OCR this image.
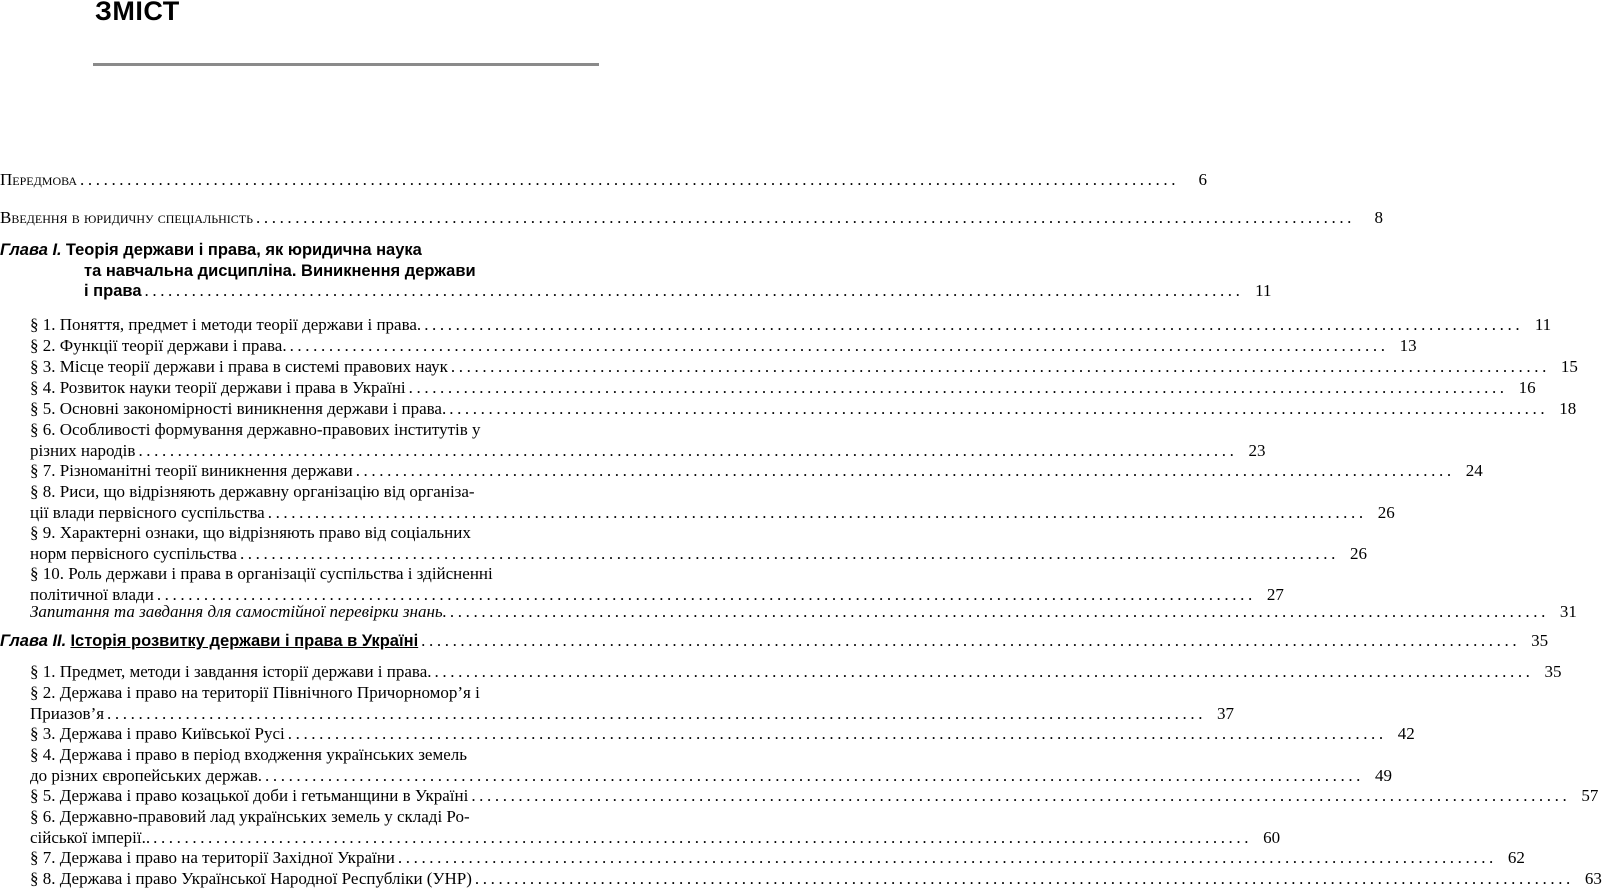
ЗМІСТ
Передмова ............................................................................................................................................	6
Введення в юридичну спеціальність ............................................................................................................................................	8
Глава I.
Теорія держави і права, як юридична наука
та навчальна дисципліна. Виникнення держави
і права ............................................................................................................................................ 11
§ 1. Поняття, предмет і методи теорії держави і права. ............................................................................................................................................ 11
§ 2. Функції теорії держави і права. ............................................................................................................................................ 13
§ 3. Місце теорії держави і права в системі правових наук ............................................................................................................................................ 15
§ 4. Розвиток науки теорії держави і права в Україні ............................................................................................................................................ 16
§ 5. Основні закономірності виникнення держави і права. ............................................................................................................................................ 18
§ 6. Особливості формування державно-правових інститутів у
різних народів ............................................................................................................................................ 23
§ 7. Різноманітні теорії виникнення держави ............................................................................................................................................ 24
§ 8. Риси, що відрізняють державну організацію від організа-
ції влади первісного суспільства ............................................................................................................................................ 26
§ 9. Характерні ознаки, що відрізняють право від соціальних
норм первісного суспільства ............................................................................................................................................ 26
§ 10. Роль держави і права в організації суспільства і здійсненні
політичної влади ............................................................................................................................................ 27
Запитання та завдання для самостійної перевірки знань. ............................................................................................................................................ 31
Глава II.
Історія розвитку держави і права в Україні ............................................................................................................................................ 35
§ 1. Предмет, методи і завдання історії держави і права. ............................................................................................................................................ 35
§ 2. Держава і право на території Північного Причорномор’я і
Приазов’я ............................................................................................................................................ 37
§ 3. Держава і право Київської Русі ............................................................................................................................................ 42
§ 4. Держава і право в період входження українських земель
до різних європейських держав. ............................................................................................................................................ 49
§ 5. Держава і право козацької доби і гетьманщини в Україні ............................................................................................................................................ 57
§ 6. Державно-правовий лад українських земель у складі Ро-
сійської імперії.. ............................................................................................................................................ 60
§ 7. Держава і право на території Західної України ............................................................................................................................................ 62
§ 8. Держава і право Української Народної Республіки (УНР) ............................................................................................................................................ 63
